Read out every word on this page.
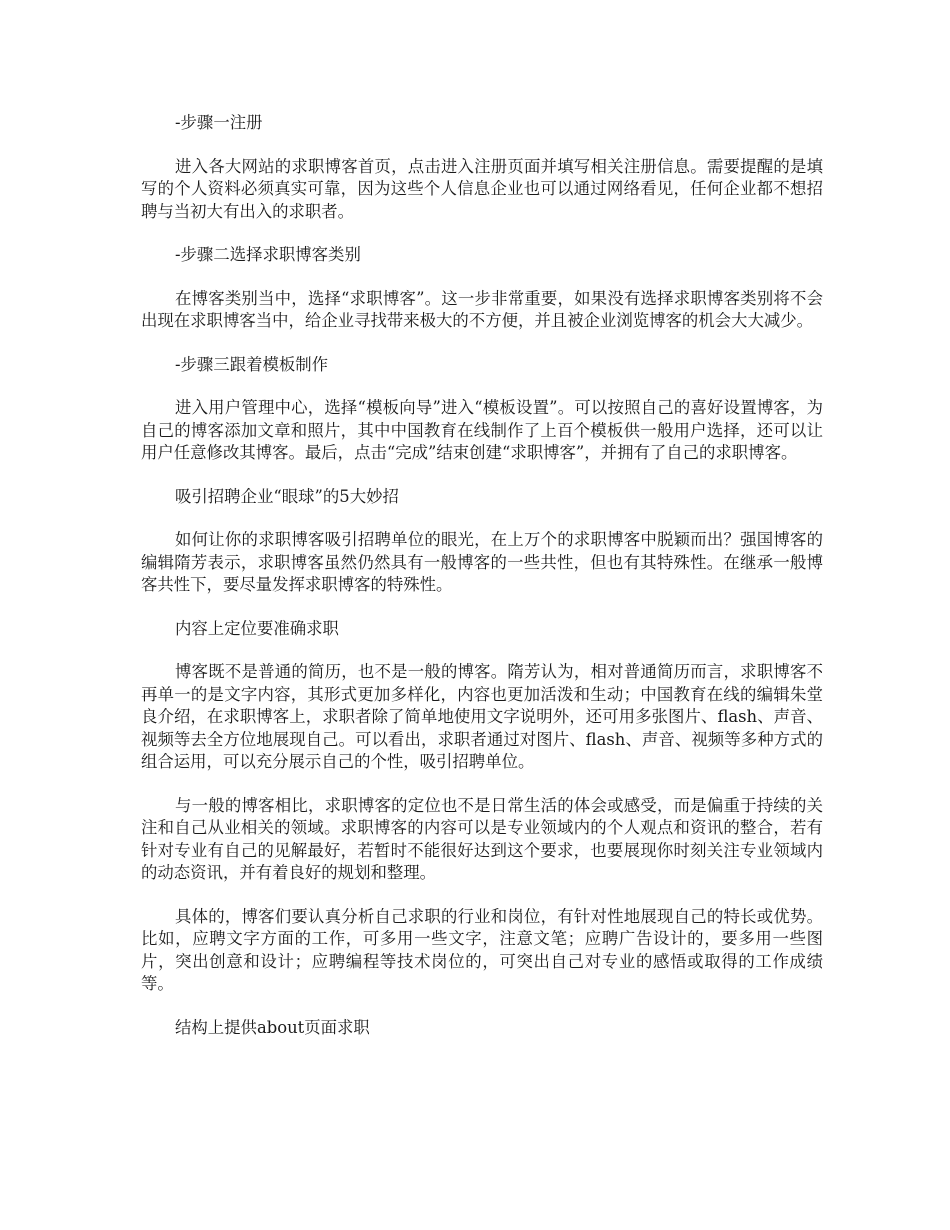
-步骤一注册

进入各大网站的求职博客首页，点击进入注册页面并填写相关注册信息。需要提醒的是填写的个人资料必须真实可靠，因为这些个人信息企业也可以通过网络看见，任何企业都不想招聘与当初大有出入的求职者。

-步骤二选择求职博客类别

在博客类别当中，选择“求职博客”。这一步非常重要，如果没有选择求职博客类别将不会出现在求职博客当中，给企业寻找带来极大的不方便，并且被企业浏览博客的机会大大减少。

-步骤三跟着模板制作

进入用户管理中心，选择“模板向导”进入“模板设置”。可以按照自己的喜好设置博客，为自己的博客添加文章和照片，其中中国教育在线制作了上百个模板供一般用户选择，还可以让用户任意修改其博客。最后，点击“完成”结束创建“求职博客”，并拥有了自己的求职博客。

吸引招聘企业“眼球”的5大妙招

如何让你的求职博客吸引招聘单位的眼光，在上万个的求职博客中脱颖而出？强国博客的编辑隋芳表示，求职博客虽然仍然具有一般博客的一些共性，但也有其特殊性。在继承一般博客共性下，要尽量发挥求职博客的特殊性。

内容上定位要准确求职

博客既不是普通的简历，也不是一般的博客。隋芳认为，相对普通简历而言，求职博客不再单一的是文字内容，其形式更加多样化，内容也更加活泼和生动；中国教育在线的编辑朱堂良介绍，在求职博客上，求职者除了简单地使用文字说明外，还可用多张图片、flash、声音、视频等去全方位地展现自己。可以看出，求职者通过对图片、flash、声音、视频等多种方式的组合运用，可以充分展示自己的个性，吸引招聘单位。

与一般的博客相比，求职博客的定位也不是日常生活的体会或感受，而是偏重于持续的关注和自己从业相关的领域。求职博客的内容可以是专业领域内的个人观点和资讯的整合，若有针对专业有自己的见解最好，若暂时不能很好达到这个要求，也要展现你时刻关注专业领域内的动态资讯，并有着良好的规划和整理。

具体的，博客们要认真分析自己求职的行业和岗位，有针对性地展现自己的特长或优势。比如，应聘文字方面的工作，可多用一些文字，注意文笔；应聘广告设计的，要多用一些图片，突出创意和设计；应聘编程等技术岗位的，可突出自己对专业的感悟或取得的工作成绩等。

结构上提供about页面求职
